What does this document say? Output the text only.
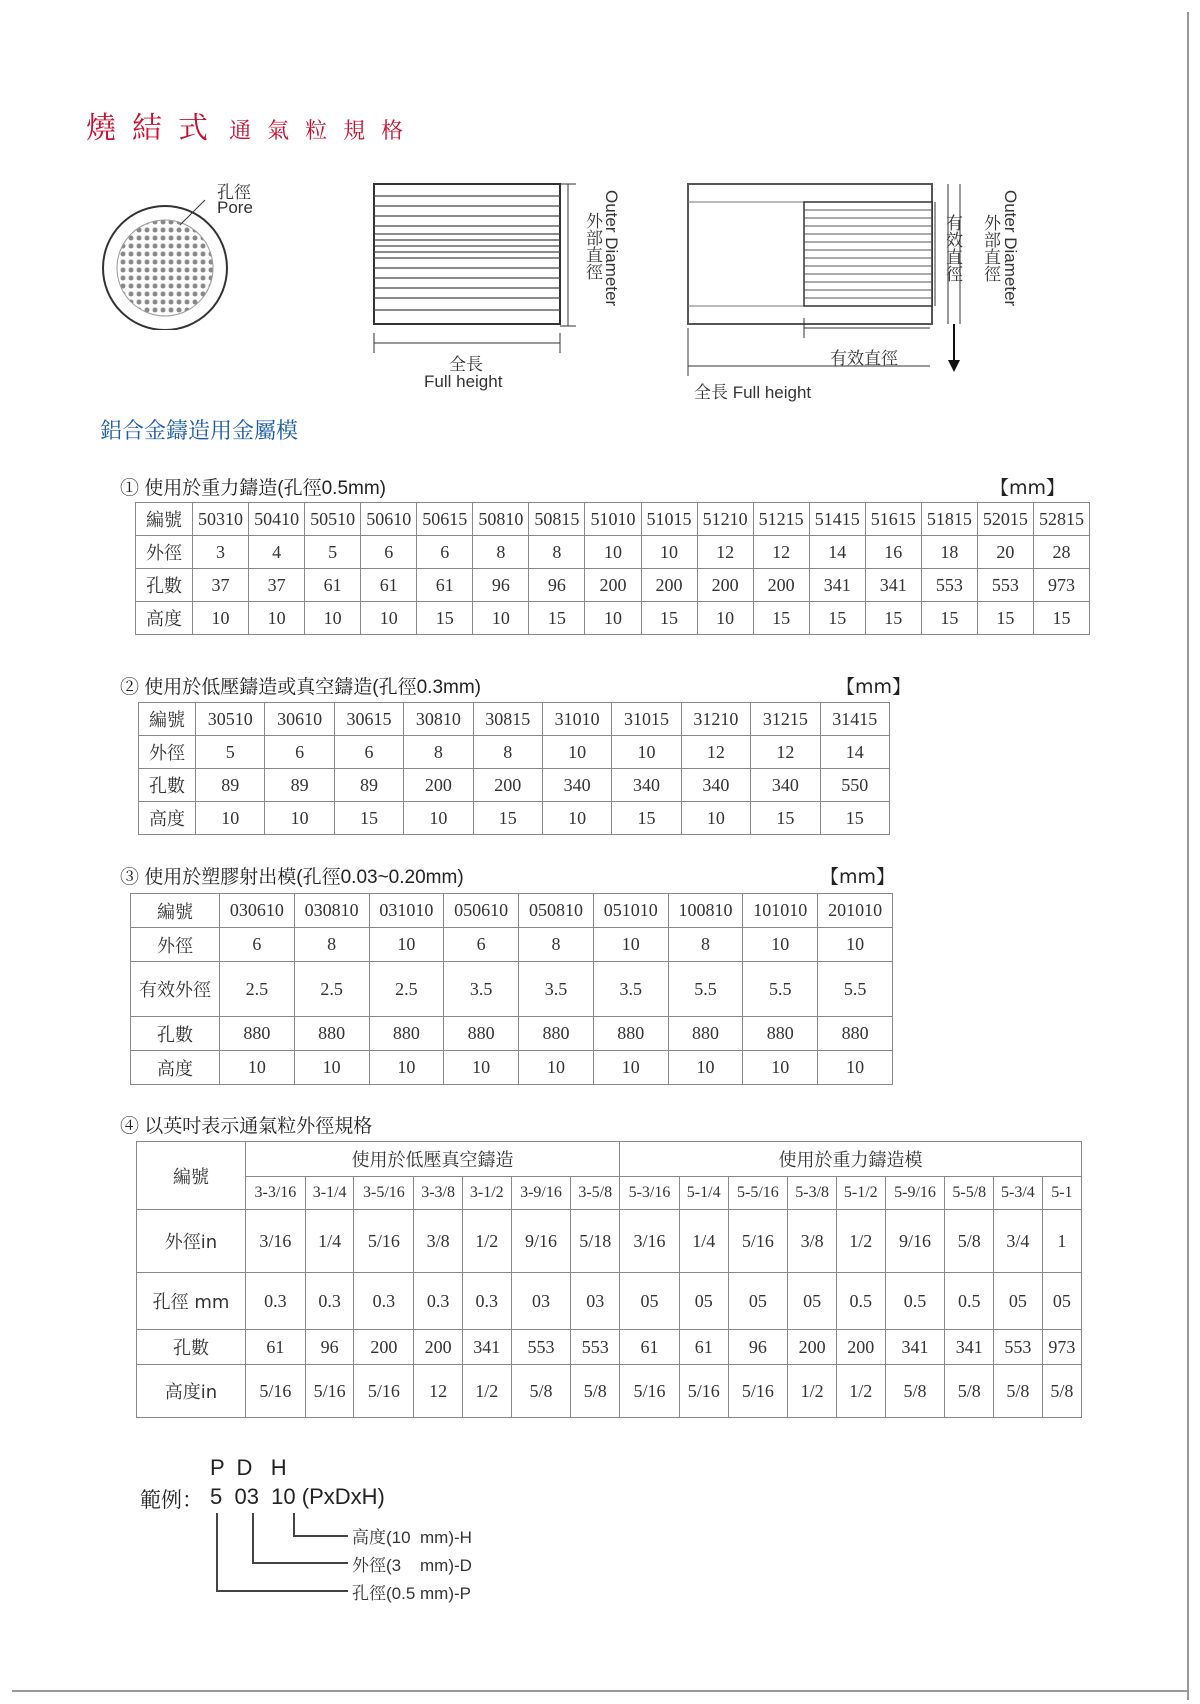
燒結式 通氣粒規格
孔徑
Pore
外部直徑 Outer Diameter
全長
Full height
有效直徑 外部直徑 Outer Diameter
有效直徑
全長 Full height
鋁合金鑄造用金屬模
① 使用於重力鑄造(孔徑0.5mm)	【mm】
編號	50310	50410	50510	50610	50615	50810	50815	51010	51015	51210	51215	51415	51615	51815	52015	52815
外徑	3	4	5	6	6	8	8	10	10	12	12	14	16	18	20	28
孔數	37	37	61	61	61	96	96	200	200	200	200	341	341	553	553	973
高度	10	10	10	10	15	10	15	10	15	10	15	15	15	15	15	15
② 使用於低壓鑄造或真空鑄造(孔徑0.3mm)	【mm】
編號	30510	30610	30615	30810	30815	31010	31015	31210	31215	31415
外徑	5	6	6	8	8	10	10	12	12	14
孔數	89	89	89	200	200	340	340	340	340	550
高度	10	10	15	10	15	10	15	10	15	15
③ 使用於塑膠射出模(孔徑0.03~0.20mm)	【mm】
編號	030610	030810	031010	050610	050810	051010	100810	101010	201010
外徑	6	8	10	6	8	10	8	10	10
有效外徑	2.5	2.5	2.5	3.5	3.5	3.5	5.5	5.5	5.5
孔數	880	880	880	880	880	880	880	880	880
高度	10	10	10	10	10	10	10	10	10
④ 以英吋表示通氣粒外徑規格
編號	使用於低壓真空鑄造							使用於重力鑄造模								
	3-3/16	3-1/4	3-5/16	3-3/8	3-1/2	3-9/16	3-5/8	5-3/16	5-1/4	5-5/16	5-3/8	5-1/2	5-9/16	5-5/8	5-3/4	5-1
外徑in	3/16	1/4	5/16	3/8	1/2	9/16	5/18	3/16	1/4	5/16	3/8	1/2	9/16	5/8	3/4	1
孔徑 mm	0.3	0.3	0.3	0.3	0.3	03	03	05	05	05	05	0.5	0.5	0.5	05	05
孔數	61	96	200	200	341	553	553	61	61	96	200	200	341	341	553	973
高度in	5/16	5/16	5/16	12	1/2	5/8	5/8	5/16	5/16	5/16	1/2	1/2	5/8	5/8	5/8	5/8
P  D   H
範例： 5  03  10 (PxDxH)
高度(10  mm)-H
外徑(3    mm)-D
孔徑(0.5 mm)-P
